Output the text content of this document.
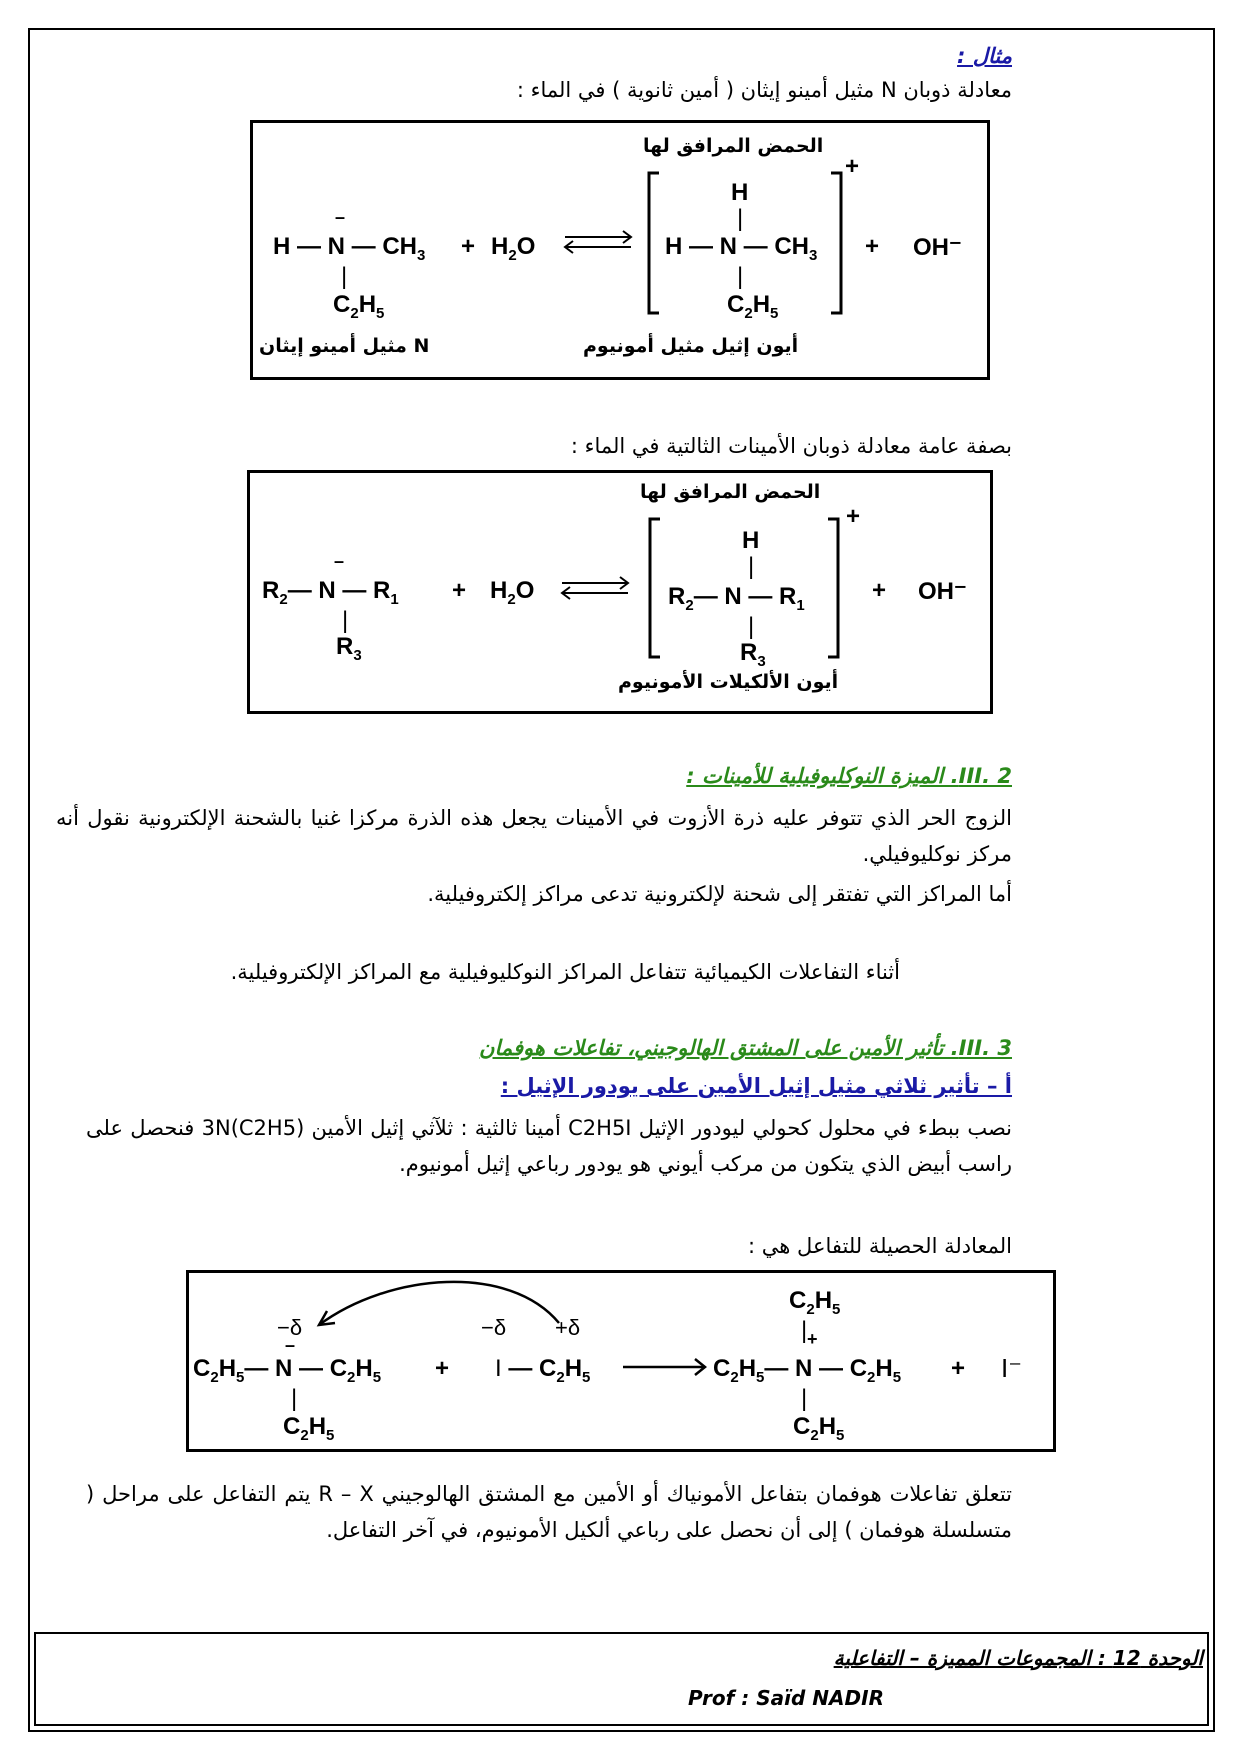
مثال :
معادلة ذوبان N مثيل أمينو إيثان ( أمين ثانوية ) في الماء :
الحمض المرافق لها
H — N — $CH_3$
–
|
$C_2H_5$
+ $H_2O$
H
|
H — N — $CH_3$
|
$C_2H_5$
+
+ OH⁻
أيون إثيل مثيل أمونيوم
N مثيل أمينو إيثان
بصفة عامة معادلة ذوبان الأمينات الثالتية في الماء :
الحمض المرافق لها
$R_2—$ N — $R_1$
–
|
$R_3$
+ $H_2O$
H
|
$R_2—$ N — $R_1$
|
$R_3$
+
+ OH⁻
أيون الألكيلات الأمونيوم
III. 2. الميزة النوكليوفيلية للأمينات :
الزوج الحر الذي تتوفر عليه ذرة الأزوت في الأمينات يجعل هذه الذرة مركزا غنيا بالشحنة الإلكترونية نقول أنه مركز نوكليوفيلي.
أما المراكز التي تفتقر إلى شحنة لإلكترونية تدعى مراكز إلكتروفيلية.
أثناء التفاعلات الكيميائية تتفاعل المراكز النوكليوفيلية مع المراكز الإلكتروفيلية.
III. 3. تأثير الأمين على المشتق الهالوجيني، تفاعلات هوفمان
أ – تأثير ثلاثي مثيل إثيل الأمين على يودور الإثيل :
نصب ببطء في محلول كحولي ليودور الإثيل C2H5I أمينا ثالثية : ثلآثي إثيل الأمين (C2H5)3N فنحصل على راسب أبيض الذي يتكون من مركب أيوني هو يودور رباعي إثيل أمونيوم.
المعادلة الحصيلة للتفاعل هي :
−δ
$C_2H_5—$ N — $C_2H_5$
–
|
$C_2H_5$
+
−δ +δ
I — $C_2H_5$
$C_2H_5$
| +
$C_2H_5—$ N — $C_2H_5$
|
$C_2H_5$
+ I⁻
تتعلق تفاعلات هوفمان بتفاعل الأمونياك أو الأمين مع المشتق الهالوجيني R – X يتم التفاعل على مراحل ( متسلسلة هوفمان ) إلى أن نحصل على رباعي ألكيل الأمونيوم، في آخر التفاعل.
الوحدة 12 : المجموعات المميزة – التفاعلية
Prof : Saïd NADIR
